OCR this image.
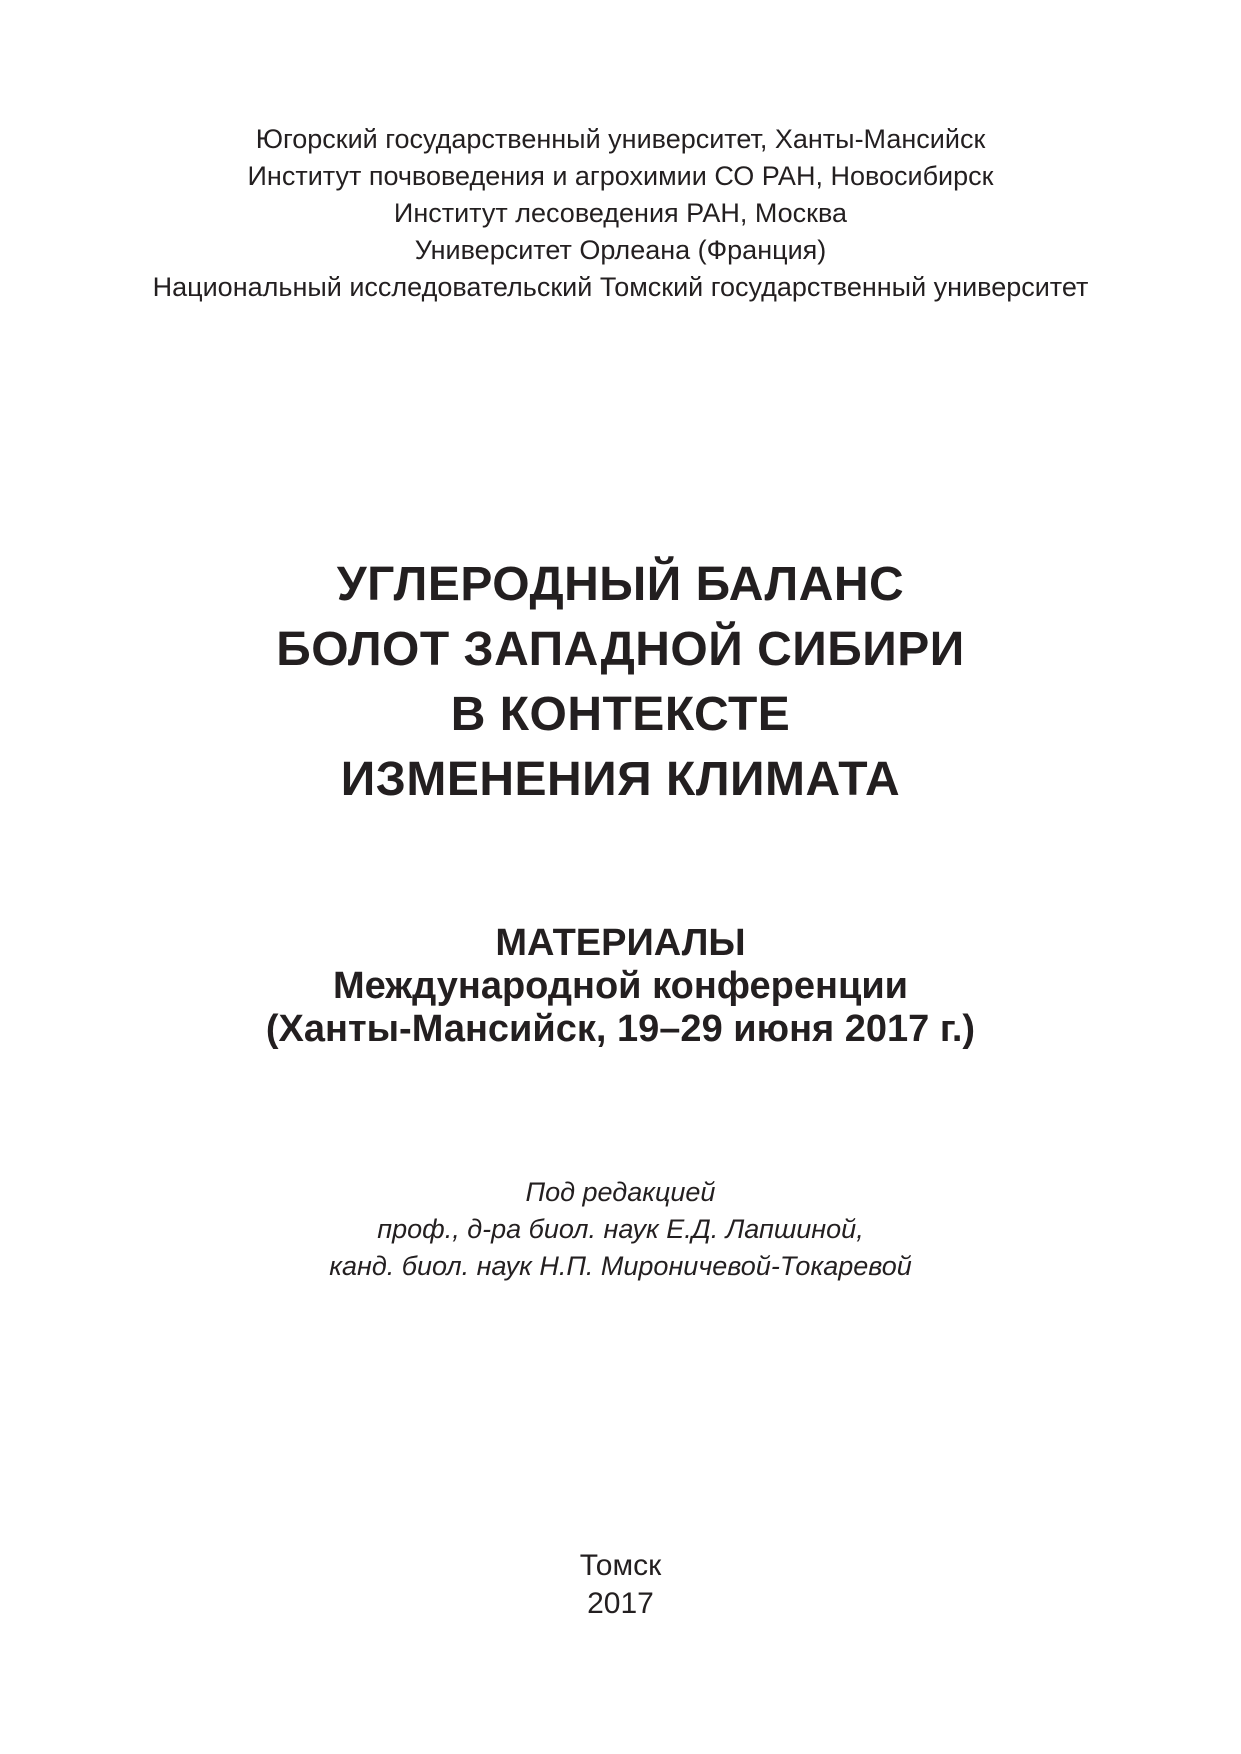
Югорский государственный университет, Ханты-Мансийск
Институт почвоведения и агрохимии СО РАН, Новосибирск
Институт лесоведения РАН, Москва
Университет Орлеана (Франция)
Национальный исследовательский Томский государственный университет
УГЛЕРОДНЫЙ БАЛАНС
БОЛОТ ЗАПАДНОЙ СИБИРИ
В КОНТЕКСТЕ
ИЗМЕНЕНИЯ КЛИМАТА
МАТЕРИАЛЫ
Международной конференции
(Ханты-Мансийск, 19–29 июня 2017 г.)
Под редакцией
проф., д-ра биол. наук Е.Д. Лапшиной,
канд. биол. наук Н.П. Мироничевой-Токаревой
Томск
2017
